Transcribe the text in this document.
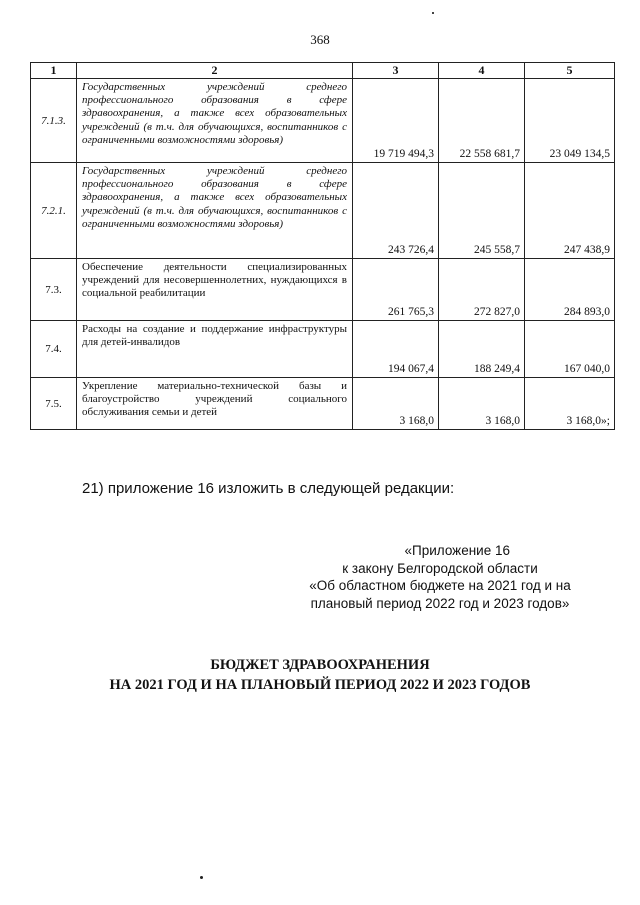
368
1	2	3	4	5
7.1.3.	Государственных учреждений среднего профессионального образования в сфере здравоохранения, а также всех образовательных учреждений (в т.ч. для обучающихся, воспитанников с ограниченными возможностями здоровья)	19 719 494,3	22 558 681,7	23 049 134,5
7.2.1.	Государственных учреждений среднего профессионального образования в сфере здравоохранения, а также всех образовательных учреждений (в т.ч. для обучающихся, воспитанников с ограниченными возможностями здоровья)	243 726,4	245 558,7	247 438,9
7.3.	Обеспечение деятельности специализированных учреждений для несовершеннолетних, нуждающихся в социальной реабилитации	261 765,3	272 827,0	284 893,0
7.4.	Расходы на создание и поддержание инфраструктуры для детей-инвалидов	194 067,4	188 249,4	167 040,0
7.5.	Укрепление материально-технической базы и благоустройство учреждений социального обслуживания семьи и детей	3 168,0	3 168,0	3 168,0»;
21) приложение 16 изложить в следующей редакции:
«Приложение 16
к закону Белгородской области
«Об областном бюджете на 2021 год и на
плановый период 2022 год и 2023 годов»
БЮДЖЕТ ЗДРАВООХРАНЕНИЯ
НА 2021 ГОД И НА ПЛАНОВЫЙ ПЕРИОД 2022 И 2023 ГОДОВ
